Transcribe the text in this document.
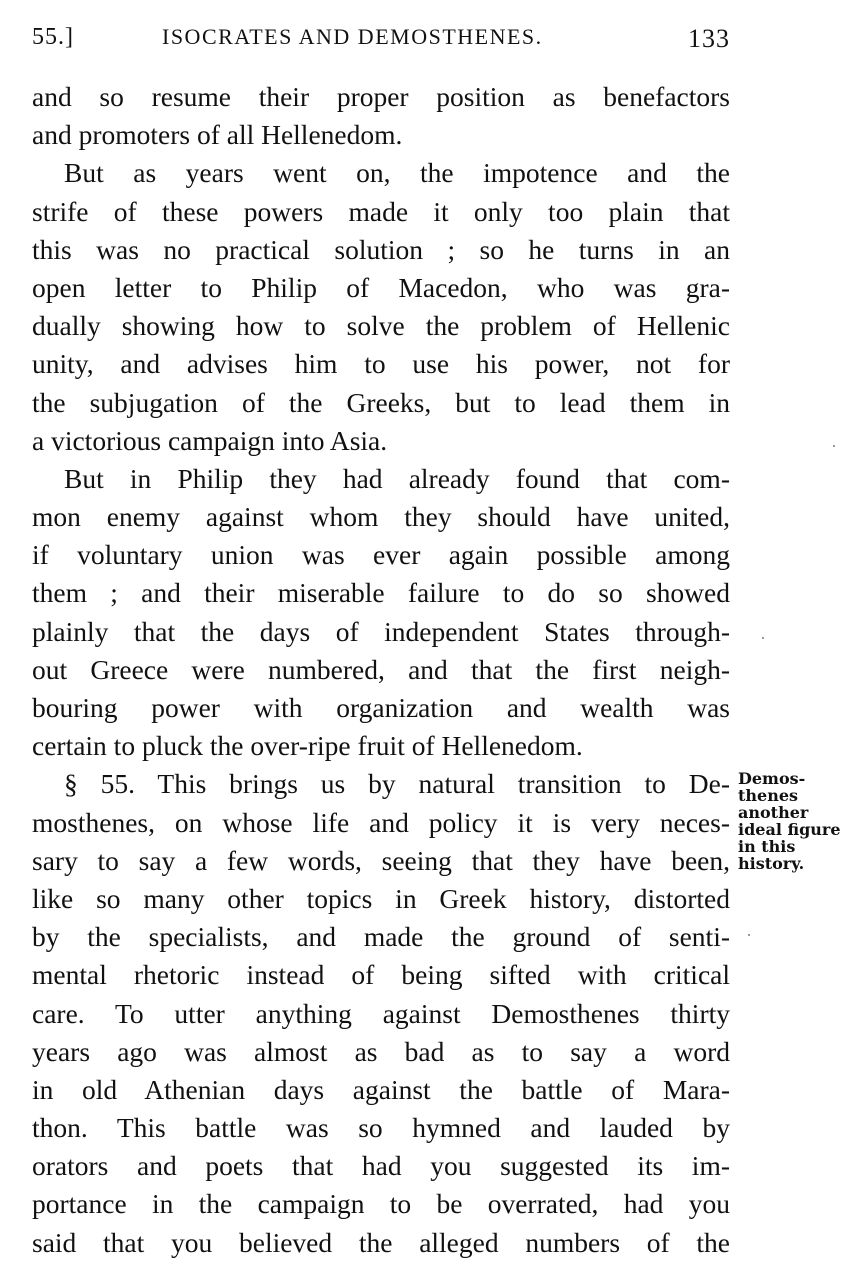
55.]	ISOCRATES AND DEMOSTHENES.	133
and so resume their proper position as benefactors
and promoters of all Hellenedom.
But as years went on, the impotence and the
strife of these powers made it only too plain that
this was no practical solution ; so he turns in an
open letter to Philip of Macedon, who was gra-
dually showing how to solve the problem of Hellenic
unity, and advises him to use his power, not for
the subjugation of the Greeks, but to lead them in
a victorious campaign into Asia.
But in Philip they had already found that com-
mon enemy against whom they should have united,
if voluntary union was ever again possible among
them ; and their miserable failure to do so showed
plainly that the days of independent States through-
out Greece were numbered, and that the first neigh-
bouring power with organization and wealth was
certain to pluck the over-ripe fruit of Hellenedom.
§ 55. This brings us by natural transition to De-
mosthenes, on whose life and policy it is very neces-
sary to say a few words, seeing that they have been,
like so many other topics in Greek history, distorted
by the specialists, and made the ground of senti-
mental rhetoric instead of being sifted with critical
care. To utter anything against Demosthenes thirty
years ago was almost as bad as to say a word
in old Athenian days against the battle of Mara-
thon. This battle was so hymned and lauded by
orators and poets that had you suggested its im-
portance in the campaign to be overrated, had you
said that you believed the alleged numbers of the
Demos-
thenes
another
ideal figure
in this
history.
